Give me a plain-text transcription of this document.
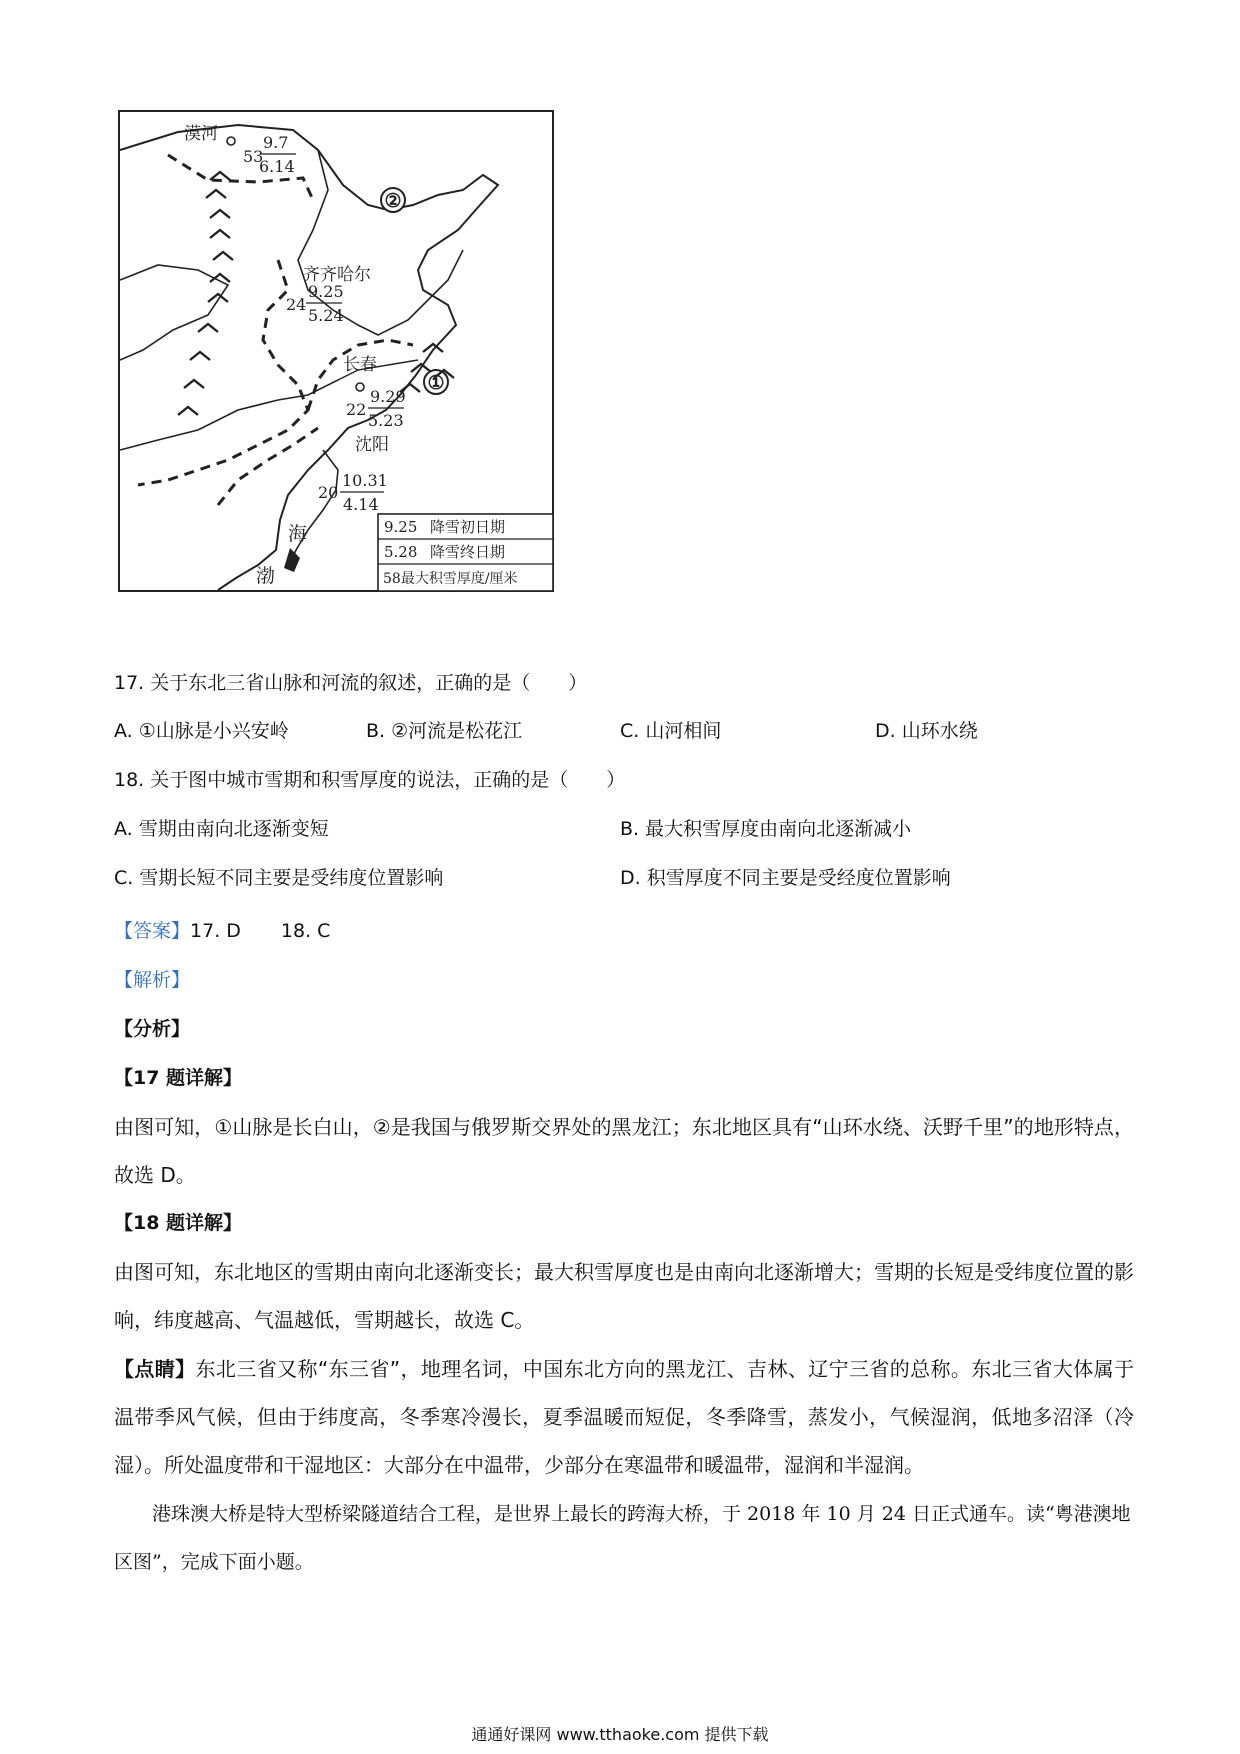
②
①
漠河
53
9.7
6.14
齐齐哈尔
24
9.25
5.24
长春
22
9.29
5.23
沈阳
20
10.31
4.14
海
渤
9.25 降雪初日期
5.28 降雪终日期
58最大积雪厚度/厘米
17. 关于东北三省山脉和河流的叙述，正确的是（　　）
A. ①山脉是小兴安岭	B. ②河流是松花江	C. 山河相间	D. 山环水绕
18. 关于图中城市雪期和积雪厚度的说法，正确的是（　　）
A. 雪期由南向北逐渐变短	B. 最大积雪厚度由南向北逐渐减小
C. 雪期长短不同主要是受纬度位置影响	D. 积雪厚度不同主要是受经度位置影响
【答案】17. D 18. C
【解析】
【分析】
【17 题详解】
由图可知，①山脉是长白山，②是我国与俄罗斯交界处的黑龙江；东北地区具有“山环水绕、沃野千里”的地形特点，故选 D。
【18 题详解】
由图可知，东北地区的雪期由南向北逐渐变长；最大积雪厚度也是由南向北逐渐增大；雪期的长短是受纬度位置的影响，纬度越高、气温越低，雪期越长，故选 C。
【点睛】东北三省又称“东三省”，地理名词，中国东北方向的黑龙江、吉林、辽宁三省的总称。东北三省大体属于温带季风气候，但由于纬度高，冬季寒冷漫长，夏季温暖而短促，冬季降雪，蒸发小，气候湿润，低地多沼泽（冷湿）。所处温度带和干湿地区：大部分在中温带，少部分在寒温带和暖温带，湿润和半湿润。
港珠澳大桥是特大型桥梁隧道结合工程，是世界上最长的跨海大桥，于 2018 年 10 月 24 日正式通车。读“粤港澳地区图”，完成下面小题。
通通好课网 www.tthaoke.com 提供下载
